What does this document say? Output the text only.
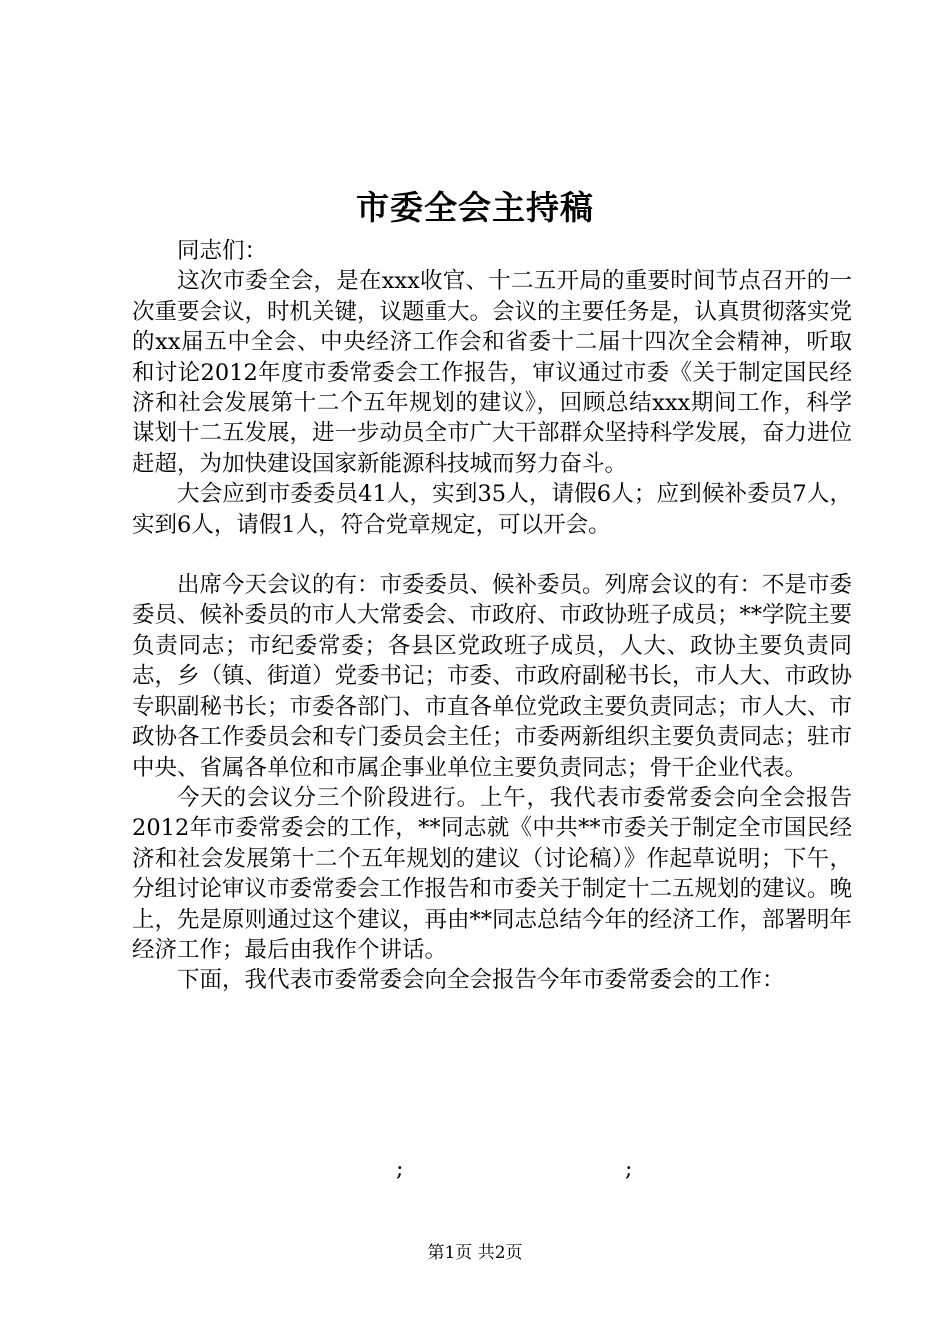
市委全会主持稿

同志们：

这次市委全会，是在xxx收官、十二五开局的重要时间节点召开的一次重要会议，时机关键，议题重大。会议的主要任务是，认真贯彻落实党的xx届五中全会、中央经济工作会和省委十二届十四次全会精神，听取和讨论2012年度市委常委会工作报告，审议通过市委《关于制定国民经济和社会发展第十二个五年规划的建议》，回顾总结xxx期间工作，科学谋划十二五发展，进一步动员全市广大干部群众坚持科学发展，奋力进位赶超，为加快建设国家新能源科技城而努力奋斗。

大会应到市委委员41人，实到35人，请假6人；应到候补委员7人，实到6人，请假1人，符合党章规定，可以开会。

出席今天会议的有：市委委员、候补委员。列席会议的有：不是市委委员、候补委员的市人大常委会、市政府、市政协班子成员；**学院主要负责同志；市纪委常委；各县区党政班子成员，人大、政协主要负责同志，乡（镇、街道）党委书记；市委、市政府副秘书长，市人大、市政协专职副秘书长；市委各部门、市直各单位党政主要负责同志；市人大、市政协各工作委员会和专门委员会主任；市委两新组织主要负责同志；驻市中央、省属各单位和市属企事业单位主要负责同志；骨干企业代表。

今天的会议分三个阶段进行。上午，我代表市委常委会向全会报告2012年市委常委会的工作，**同志就《中共**市委关于制定全市国民经济和社会发展第十二个五年规划的建议（讨论稿）》作起草说明；下午，分组讨论审议市委常委会工作报告和市委关于制定十二五规划的建议。晚上，先是原则通过这个建议，再由**同志总结今年的经济工作，部署明年经济工作；最后由我作个讲话。

下面，我代表市委常委会向全会报告今年市委常委会的工作：

;	;
第1页 共2页
